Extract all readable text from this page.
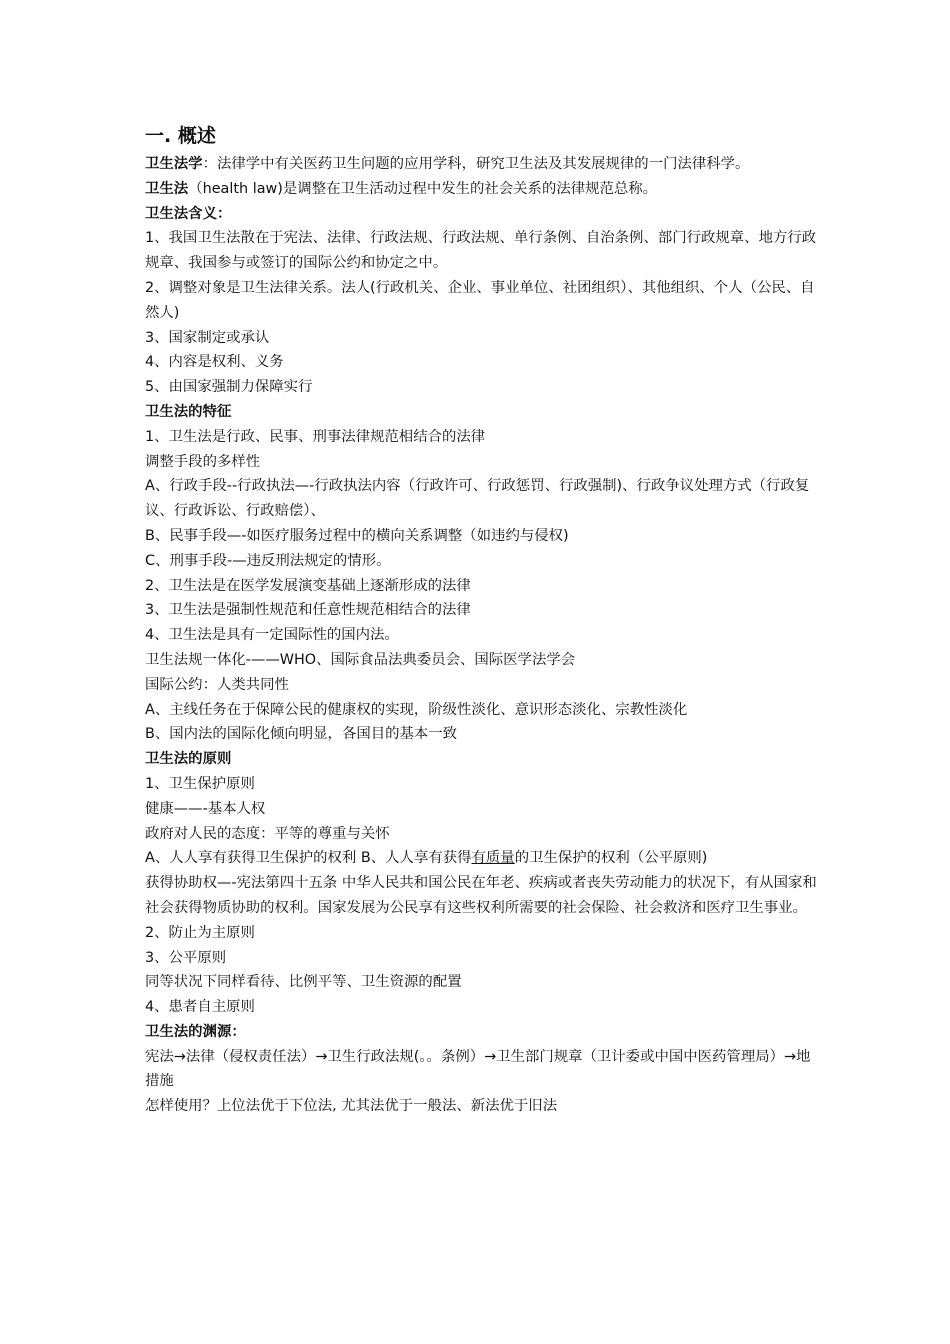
一. 概述

卫生法学：法律学中有关医药卫生问题的应用学科，研究卫生法及其发展规律的一门法律科学。

卫生法（health law)是调整在卫生活动过程中发生的社会关系的法律规范总称。

卫生法含义：

1、我国卫生法散在于宪法、法律、行政法规、行政法规、单行条例、自治条例、部门行政规章、地方行政规章、我国参与或签订的国际公约和协定之中。

2、调整对象是卫生法律关系。法人(行政机关、企业、事业单位、社团组织）、其他组织、个人（公民、自然人)

3、国家制定或承认

4、内容是权利、义务

5、由国家强制力保障实行

卫生法的特征

1、卫生法是行政、民事、刑事法律规范相结合的法律

调整手段的多样性

A、行政手段--行政执法—-行政执法内容（行政许可、行政惩罚、行政强制)、行政争议处理方式（行政复议、行政诉讼、行政赔偿）、

B、民事手段—-如医疗服务过程中的横向关系调整（如违约与侵权)

C、刑事手段-—违反刑法规定的情形。

2、卫生法是在医学发展演变基础上逐渐形成的法律

3、卫生法是强制性规范和任意性规范相结合的法律

4、卫生法是具有一定国际性的国内法。

卫生法规一体化-——WHO、国际食品法典委员会、国际医学法学会

国际公约：人类共同性

A、主线任务在于保障公民的健康权的实现，阶级性淡化、意识形态淡化、宗教性淡化

B、国内法的国际化倾向明显，各国目的基本一致

卫生法的原则

1、卫生保护原则

健康——-基本人权

政府对人民的态度：平等的尊重与关怀

A、人人享有获得卫生保护的权利 B、人人享有获得有质量的卫生保护的权利（公平原则)

获得协助权—-宪法第四十五条 中华人民共和国公民在年老、疾病或者丧失劳动能力的状况下，有从国家和社会获得物质协助的权利。国家发展为公民享有这些权利所需要的社会保险、社会救济和医疗卫生事业。

2、防止为主原则

3、公平原则

同等状况下同样看待、比例平等、卫生资源的配置

4、患者自主原则

卫生法的渊源：

宪法→法律（侵权责任法）→卫生行政法规(。。条例）→卫生部门规章（卫计委或中国中医药管理局）→地措施

怎样使用？上位法优于下位法, 尤其法优于一般法、新法优于旧法
